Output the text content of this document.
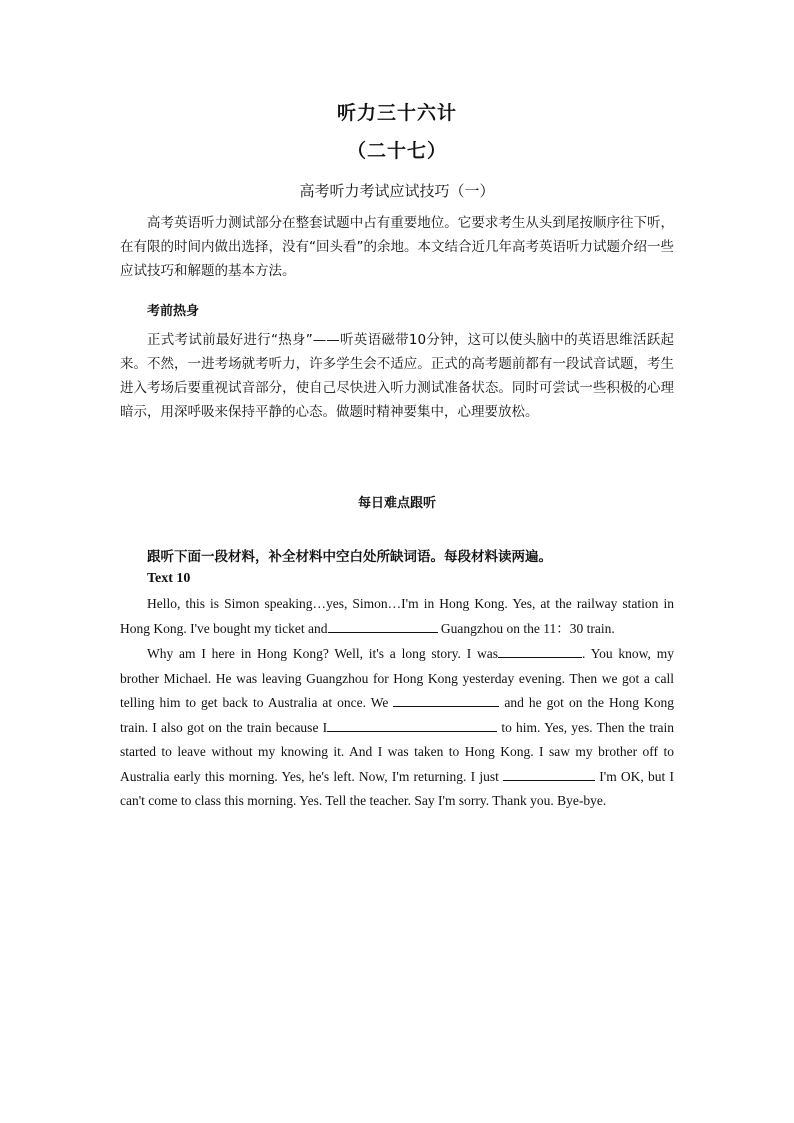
听力三十六计
（二十七）
高考听力考试应试技巧（一）

高考英语听力测试部分在整套试题中占有重要地位。它要求考生从头到尾按顺序往下听，在有限的时间内做出选择，没有“回头看”的余地。本文结合近几年高考英语听力试题介绍一些应试技巧和解题的基本方法。

考前热身

正式考试前最好进行“热身”——听英语磁带10分钟，这可以使头脑中的英语思维活跃起来。不然，一进考场就考听力，许多学生会不适应。正式的高考题前都有一段试音试题，考生进入考场后要重视试音部分，使自己尽快进入听力测试准备状态。同时可尝试一些积极的心理暗示，用深呼吸来保持平静的心态。做题时精神要集中，心理要放松。

每日难点跟听
跟听下面一段材料，补全材料中空白处所缺词语。每段材料读两遍。
Text 10

Hello, this is Simon speaking…yes, Simon…I'm in Hong Kong. Yes, at the railway station in Hong Kong. I've bought my ticket and	Guangzhou on the 11：30 train.

Why am I here in Hong Kong? Well, it's a long story. I was	. You know, my brother Michael. He was leaving Guangzhou for Hong Kong yesterday evening. Then we got a call telling him to get back to Australia at once. We	and he got on the Hong Kong train. I also got on the train because I	to him. Yes, yes. Then the train started to leave without my knowing it. And I was taken to Hong Kong. I saw my brother off to Australia early this morning. Yes, he's left. Now, I'm returning. I just	I'm OK, but I can't come to class this morning. Yes. Tell the teacher. Say I'm sorry. Thank you. Bye-bye.
